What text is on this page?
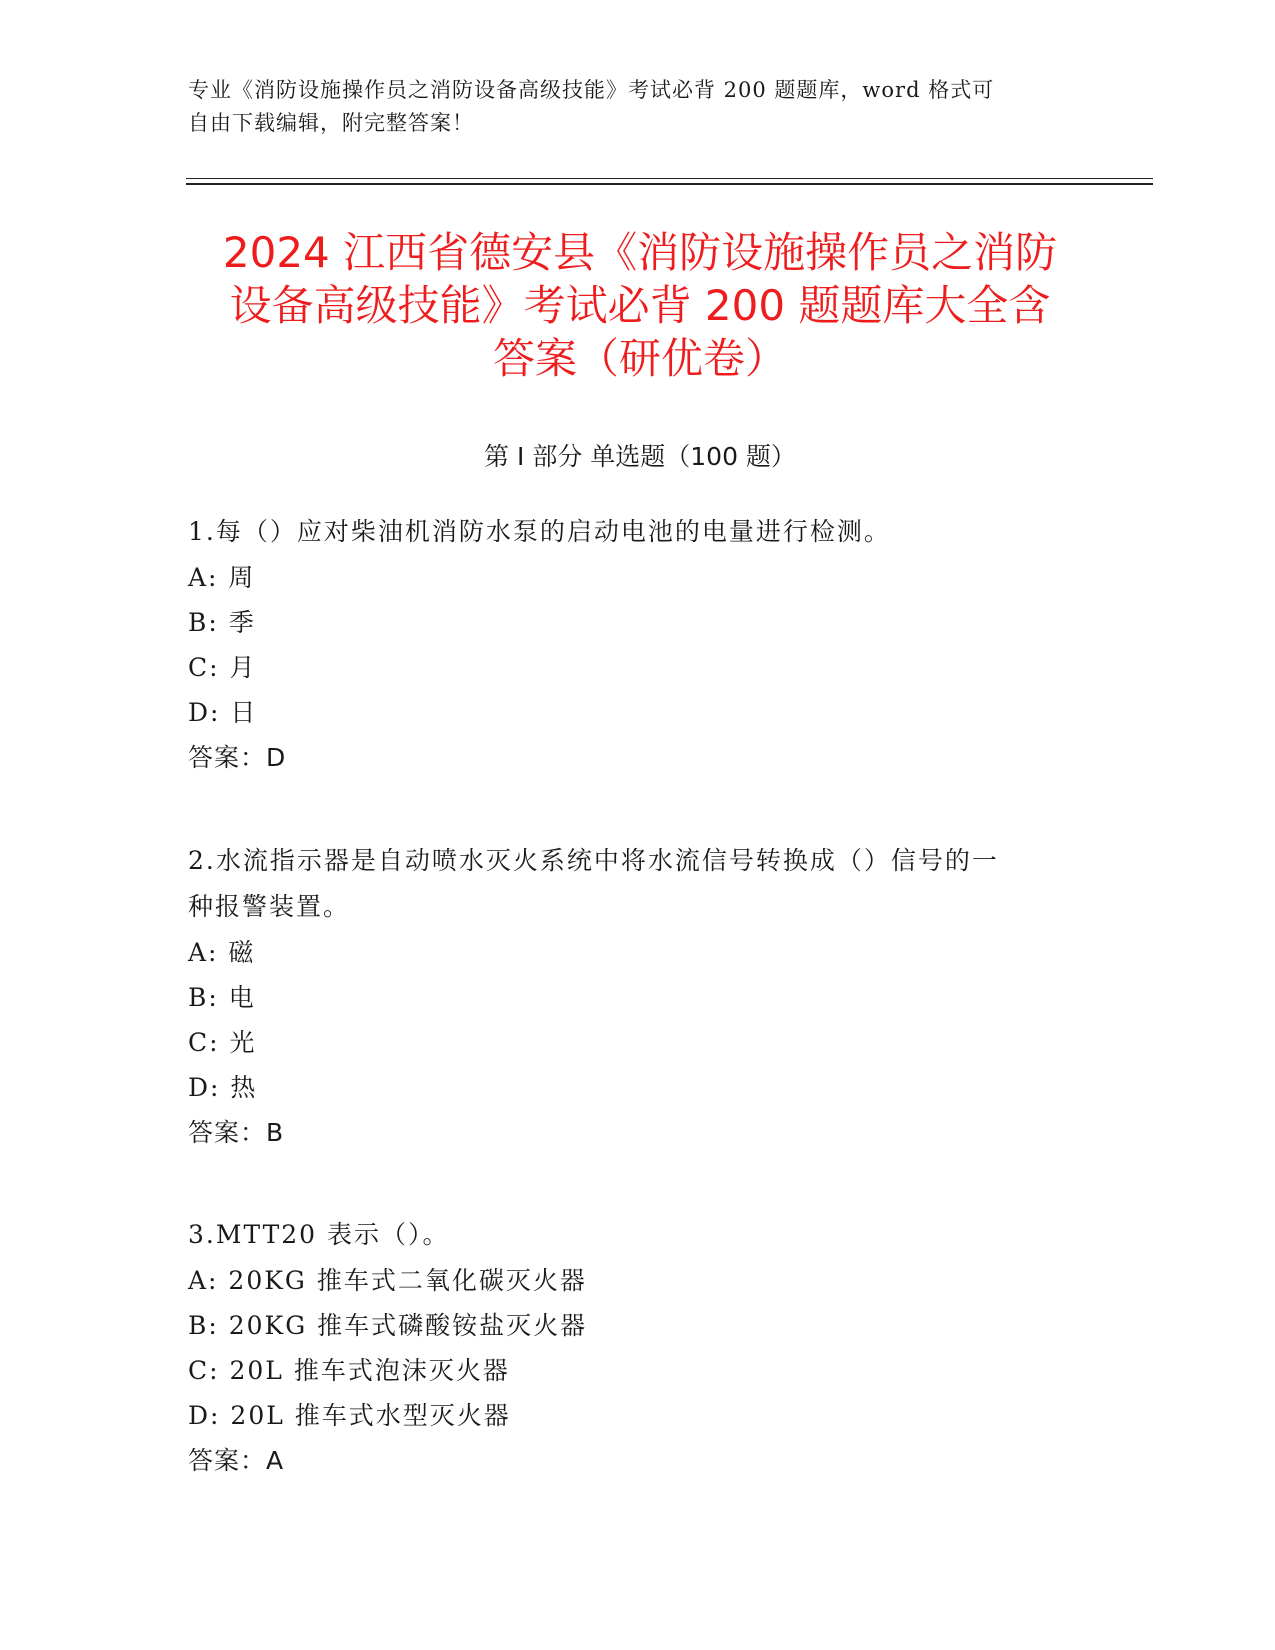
专业《消防设施操作员之消防设备高级技能》考试必背 200 题题库，word 格式可
自由下载编辑，附完整答案！
2024 江西省德安县《消防设施操作员之消防
设备高级技能》考试必背 200 题题库大全含
答案（研优卷）
第 I 部分 单选题（100 题）
1.每（）应对柴油机消防水泵的启动电池的电量进行检测。
A: 周
B: 季
C: 月
D: 日
答案：D
2.水流指示器是自动喷水灭火系统中将水流信号转换成（）信号的一
种报警装置。
A: 磁
B: 电
C: 光
D: 热
答案：B
3.MTT20 表示（）。
A: 20KG 推车式二氧化碳灭火器
B: 20KG 推车式磷酸铵盐灭火器
C: 20L 推车式泡沫灭火器
D: 20L 推车式水型灭火器
答案：A
